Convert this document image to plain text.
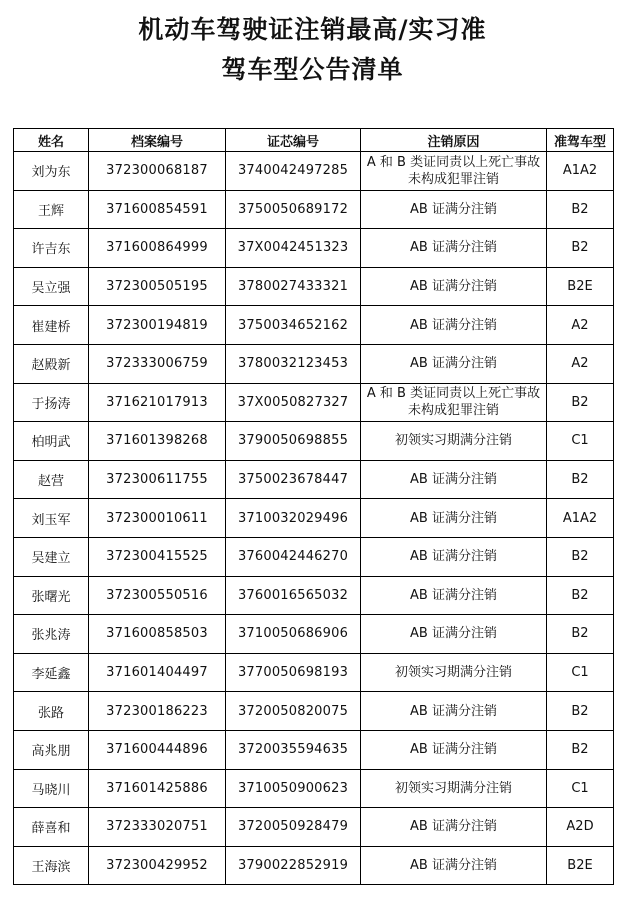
机动车驾驶证注销最高/实习准
驾车型公告清单
姓名	档案编号	证芯编号	注销原因	准驾车型
刘为东	372300068187	3740042497285	A 和 B 类证同责以上死亡事故未构成犯罪注销	A1A2
王辉	371600854591	3750050689172	AB 证满分注销	B2
许吉东	371600864999	37X0042451323	AB 证满分注销	B2
吴立强	372300505195	3780027433321	AB 证满分注销	B2E
崔建桥	372300194819	3750034652162	AB 证满分注销	A2
赵殿新	372333006759	3780032123453	AB 证满分注销	A2
于扬涛	371621017913	37X0050827327	A 和 B 类证同责以上死亡事故未构成犯罪注销	B2
柏明武	371601398268	3790050698855	初领实习期满分注销	C1
赵营	372300611755	3750023678447	AB 证满分注销	B2
刘玉军	372300010611	3710032029496	AB 证满分注销	A1A2
吴建立	372300415525	3760042446270	AB 证满分注销	B2
张曙光	372300550516	3760016565032	AB 证满分注销	B2
张兆涛	371600858503	3710050686906	AB 证满分注销	B2
李延鑫	371601404497	3770050698193	初领实习期满分注销	C1
张路	372300186223	3720050820075	AB 证满分注销	B2
高兆朋	371600444896	3720035594635	AB 证满分注销	B2
马晓川	371601425886	3710050900623	初领实习期满分注销	C1
薛喜和	372333020751	3720050928479	AB 证满分注销	A2D
王海滨	372300429952	3790022852919	AB 证满分注销	B2E
